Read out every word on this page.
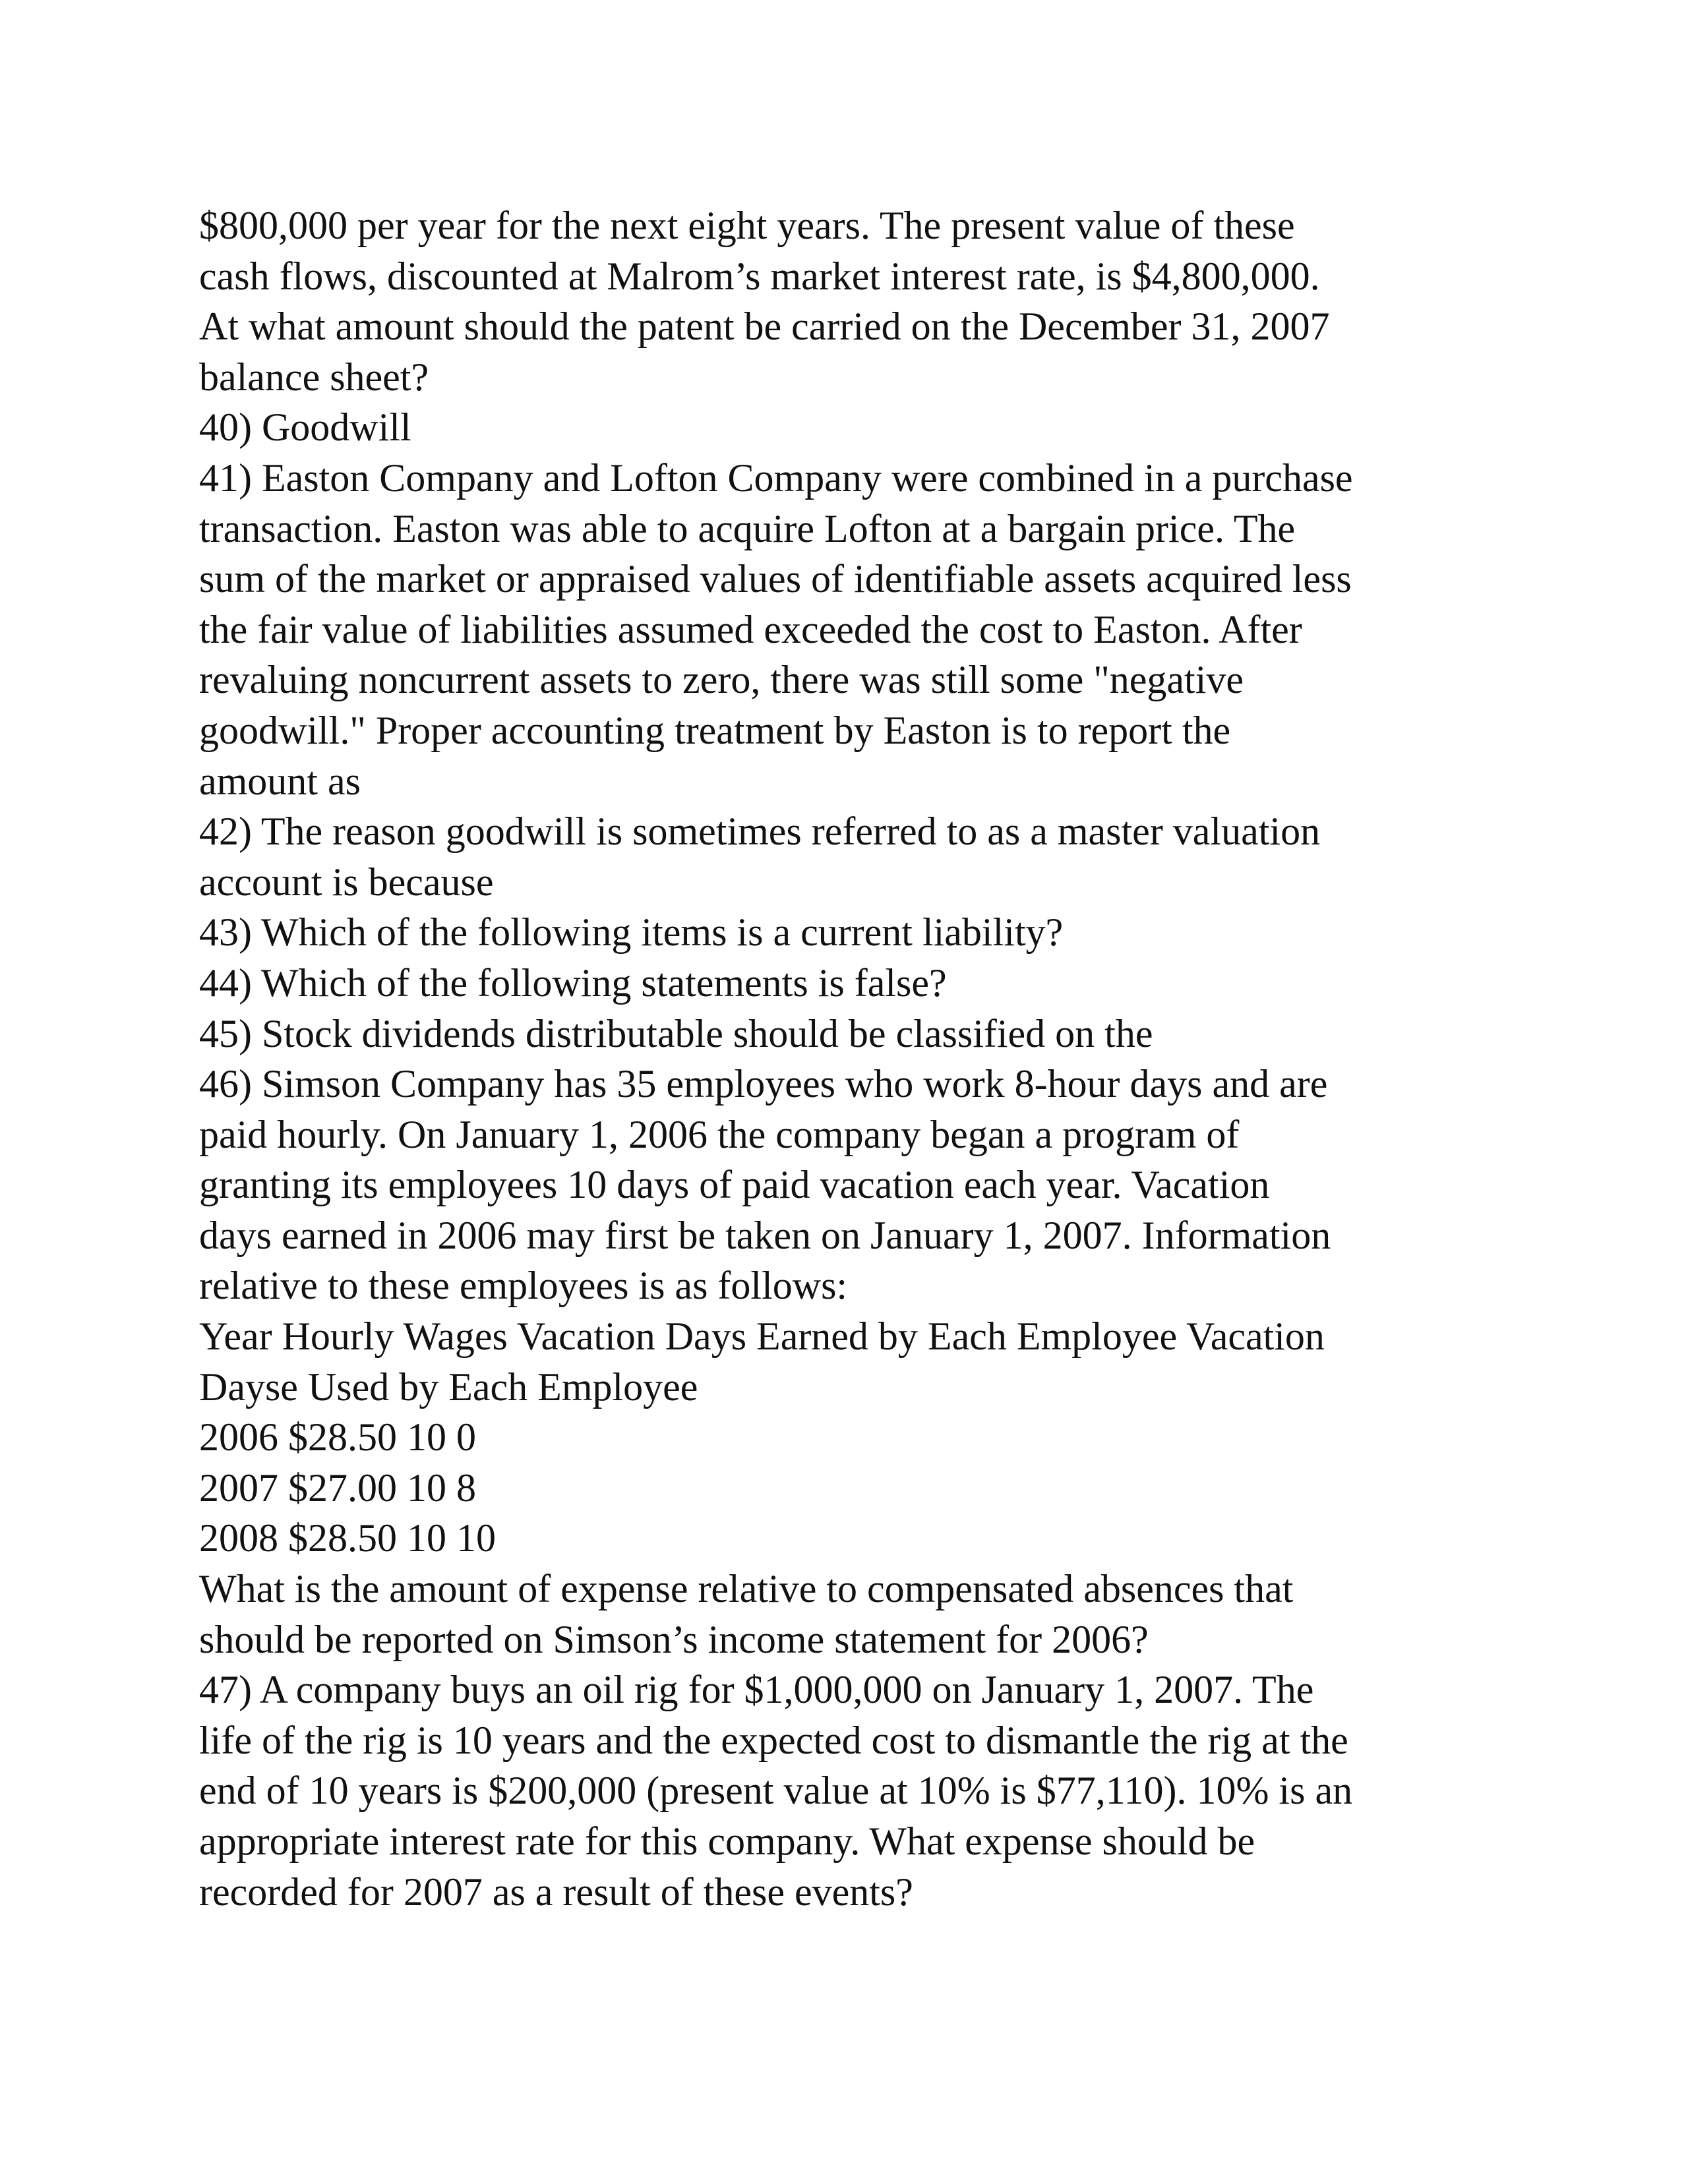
$800,000 per year for the next eight years. The present value of these
cash flows, discounted at Malrom’s market interest rate, is $4,800,000.
At what amount should the patent be carried on the December 31, 2007
balance sheet?
40) Goodwill
41) Easton Company and Lofton Company were combined in a purchase
transaction. Easton was able to acquire Lofton at a bargain price. The
sum of the market or appraised values of identifiable assets acquired less
the fair value of liabilities assumed exceeded the cost to Easton. After
revaluing noncurrent assets to zero, there was still some "negative
goodwill." Proper accounting treatment by Easton is to report the
amount as
42) The reason goodwill is sometimes referred to as a master valuation
account is because
43) Which of the following items is a current liability?
44) Which of the following statements is false?
45) Stock dividends distributable should be classified on the
46) Simson Company has 35 employees who work 8-hour days and are
paid hourly. On January 1, 2006 the company began a program of
granting its employees 10 days of paid vacation each year. Vacation
days earned in 2006 may first be taken on January 1, 2007. Information
relative to these employees is as follows:
Year Hourly Wages Vacation Days Earned by Each Employee Vacation
Dayse Used by Each Employee
2006 $28.50 10 0
2007 $27.00 10 8
2008 $28.50 10 10
What is the amount of expense relative to compensated absences that
should be reported on Simson’s income statement for 2006?
47) A company buys an oil rig for $1,000,000 on January 1, 2007. The
life of the rig is 10 years and the expected cost to dismantle the rig at the
end of 10 years is $200,000 (present value at 10% is $77,110). 10% is an
appropriate interest rate for this company. What expense should be
recorded for 2007 as a result of these events?
